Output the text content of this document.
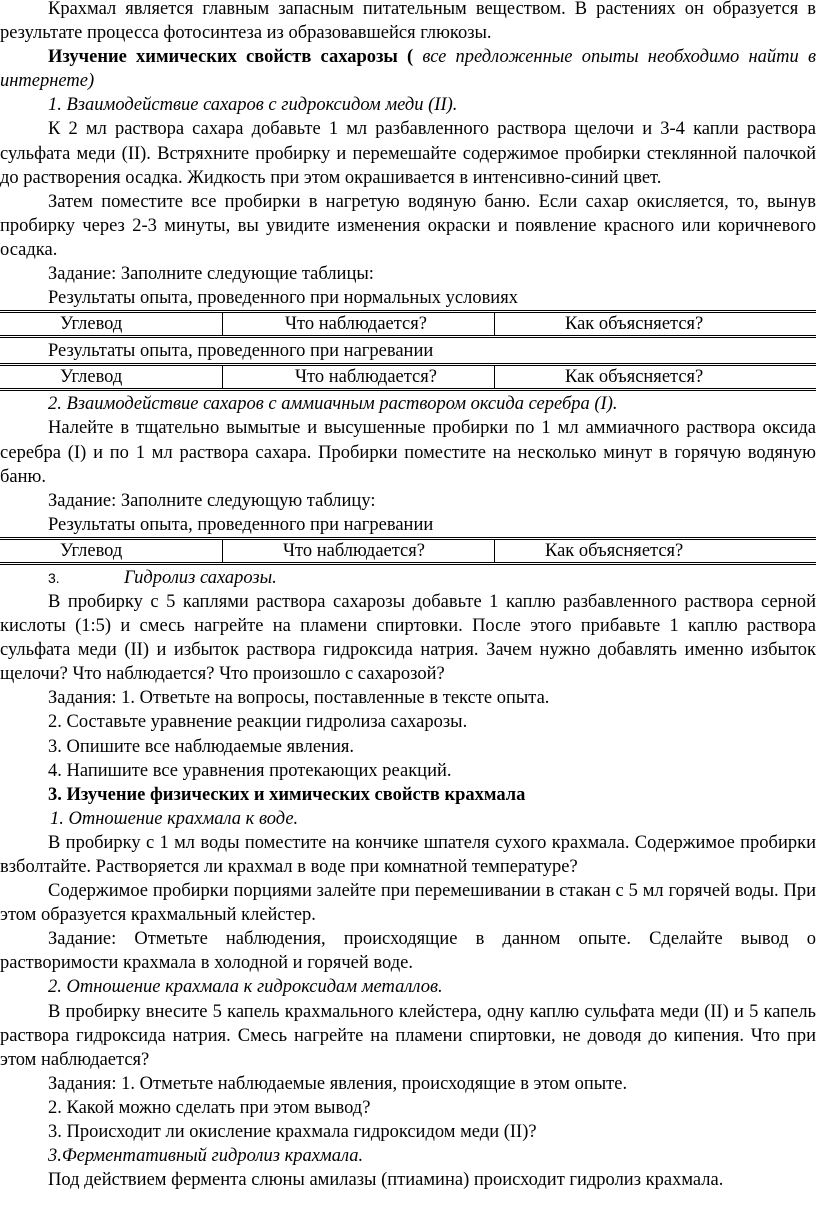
Крахмал является главным запасным питательным веществом. В растениях он образуется в результате процесса фотосинтеза из образовавшейся глюкозы.

Изучение химических свойств сахарозы ( все предложенные опыты необходимо найти в интернете)

1. Взаимодействие сахаров с гидроксидом меди (II).

К 2 мл раствора сахара добавьте 1 мл разбавленного раствора щелочи и 3-4 капли раствора сульфата меди (II). Встряхните пробирку и перемешайте содержимое пробирки стеклянной палочкой до растворения осадка. Жидкость при этом окрашивается в интенсивно-синий цвет.

Затем поместите все пробирки в нагретую водяную баню. Если сахар окисляется, то, вынув пробирку через 2-3 минуты, вы увидите изменения окраски и появление красного или коричневого осадка.

Задание: Заполните следующие таблицы:

Результаты опыта, проведенного при нормальных условиях

Углевод	Что наблюдается?	Как объясняется?

Результаты опыта, проведенного при нагревании

Углевод	Что наблюдается?	Как объясняется?

2. Взаимодействие сахаров с аммиачным раствором оксида серебра (I).

Налейте в тщательно вымытые и высушенные пробирки по 1 мл аммиачного раствора оксида серебра (I) и по 1 мл раствора сахара. Пробирки поместите на несколько минут в горячую водяную баню.

Задание: Заполните следующую таблицу:

Результаты опыта, проведенного при нагревании

Углевод	Что наблюдается?	Как объясняется?
3.	Гидролиз сахарозы.

В пробирку с 5 каплями раствора сахарозы добавьте 1 каплю разбавленного раствора серной кислоты (1:5) и смесь нагрейте на пламени спиртовки. После этого прибавьте 1 каплю раствора сульфата меди (II) и избыток раствора гидроксида натрия. Зачем нужно добавлять именно избыток щелочи? Что наблюдается? Что произошло с сахарозой?

Задания: 1. Ответьте на вопросы, поставленные в тексте опыта.

2. Составьте уравнение реакции гидролиза сахарозы.

3. Опишите все наблюдаемые явления.

4. Напишите все уравнения протекающих реакций.

3. Изучение физических и химических свойств крахмала

1. Отношение крахмала к воде.

В пробирку с 1 мл воды поместите на кончике шпателя сухого крахмала. Содержимое пробирки взболтайте. Растворяется ли крахмал в воде при комнатной температуре?

Содержимое пробирки порциями залейте при перемешивании в стакан с 5 мл горячей воды. При этом образуется крахмальный клейстер.

Задание: Отметьте наблюдения, происходящие в данном опыте. Сделайте вывод о растворимости крахмала в холодной и горячей воде.

2. Отношение крахмала к гидроксидам металлов.

В пробирку внесите 5 капель крахмального клейстера, одну каплю сульфата меди (II) и 5 капель раствора гидроксида натрия. Смесь нагрейте на пламени спиртовки, не доводя до кипения. Что при этом наблюдается?

Задания: 1. Отметьте наблюдаемые явления, происходящие в этом опыте.

2. Какой можно сделать при этом вывод?

3. Происходит ли окисление крахмала гидроксидом меди (II)?

3.Ферментативный гидролиз крахмала.

Под действием фермента слюны амилазы (птиамина) происходит гидролиз крахмала.
